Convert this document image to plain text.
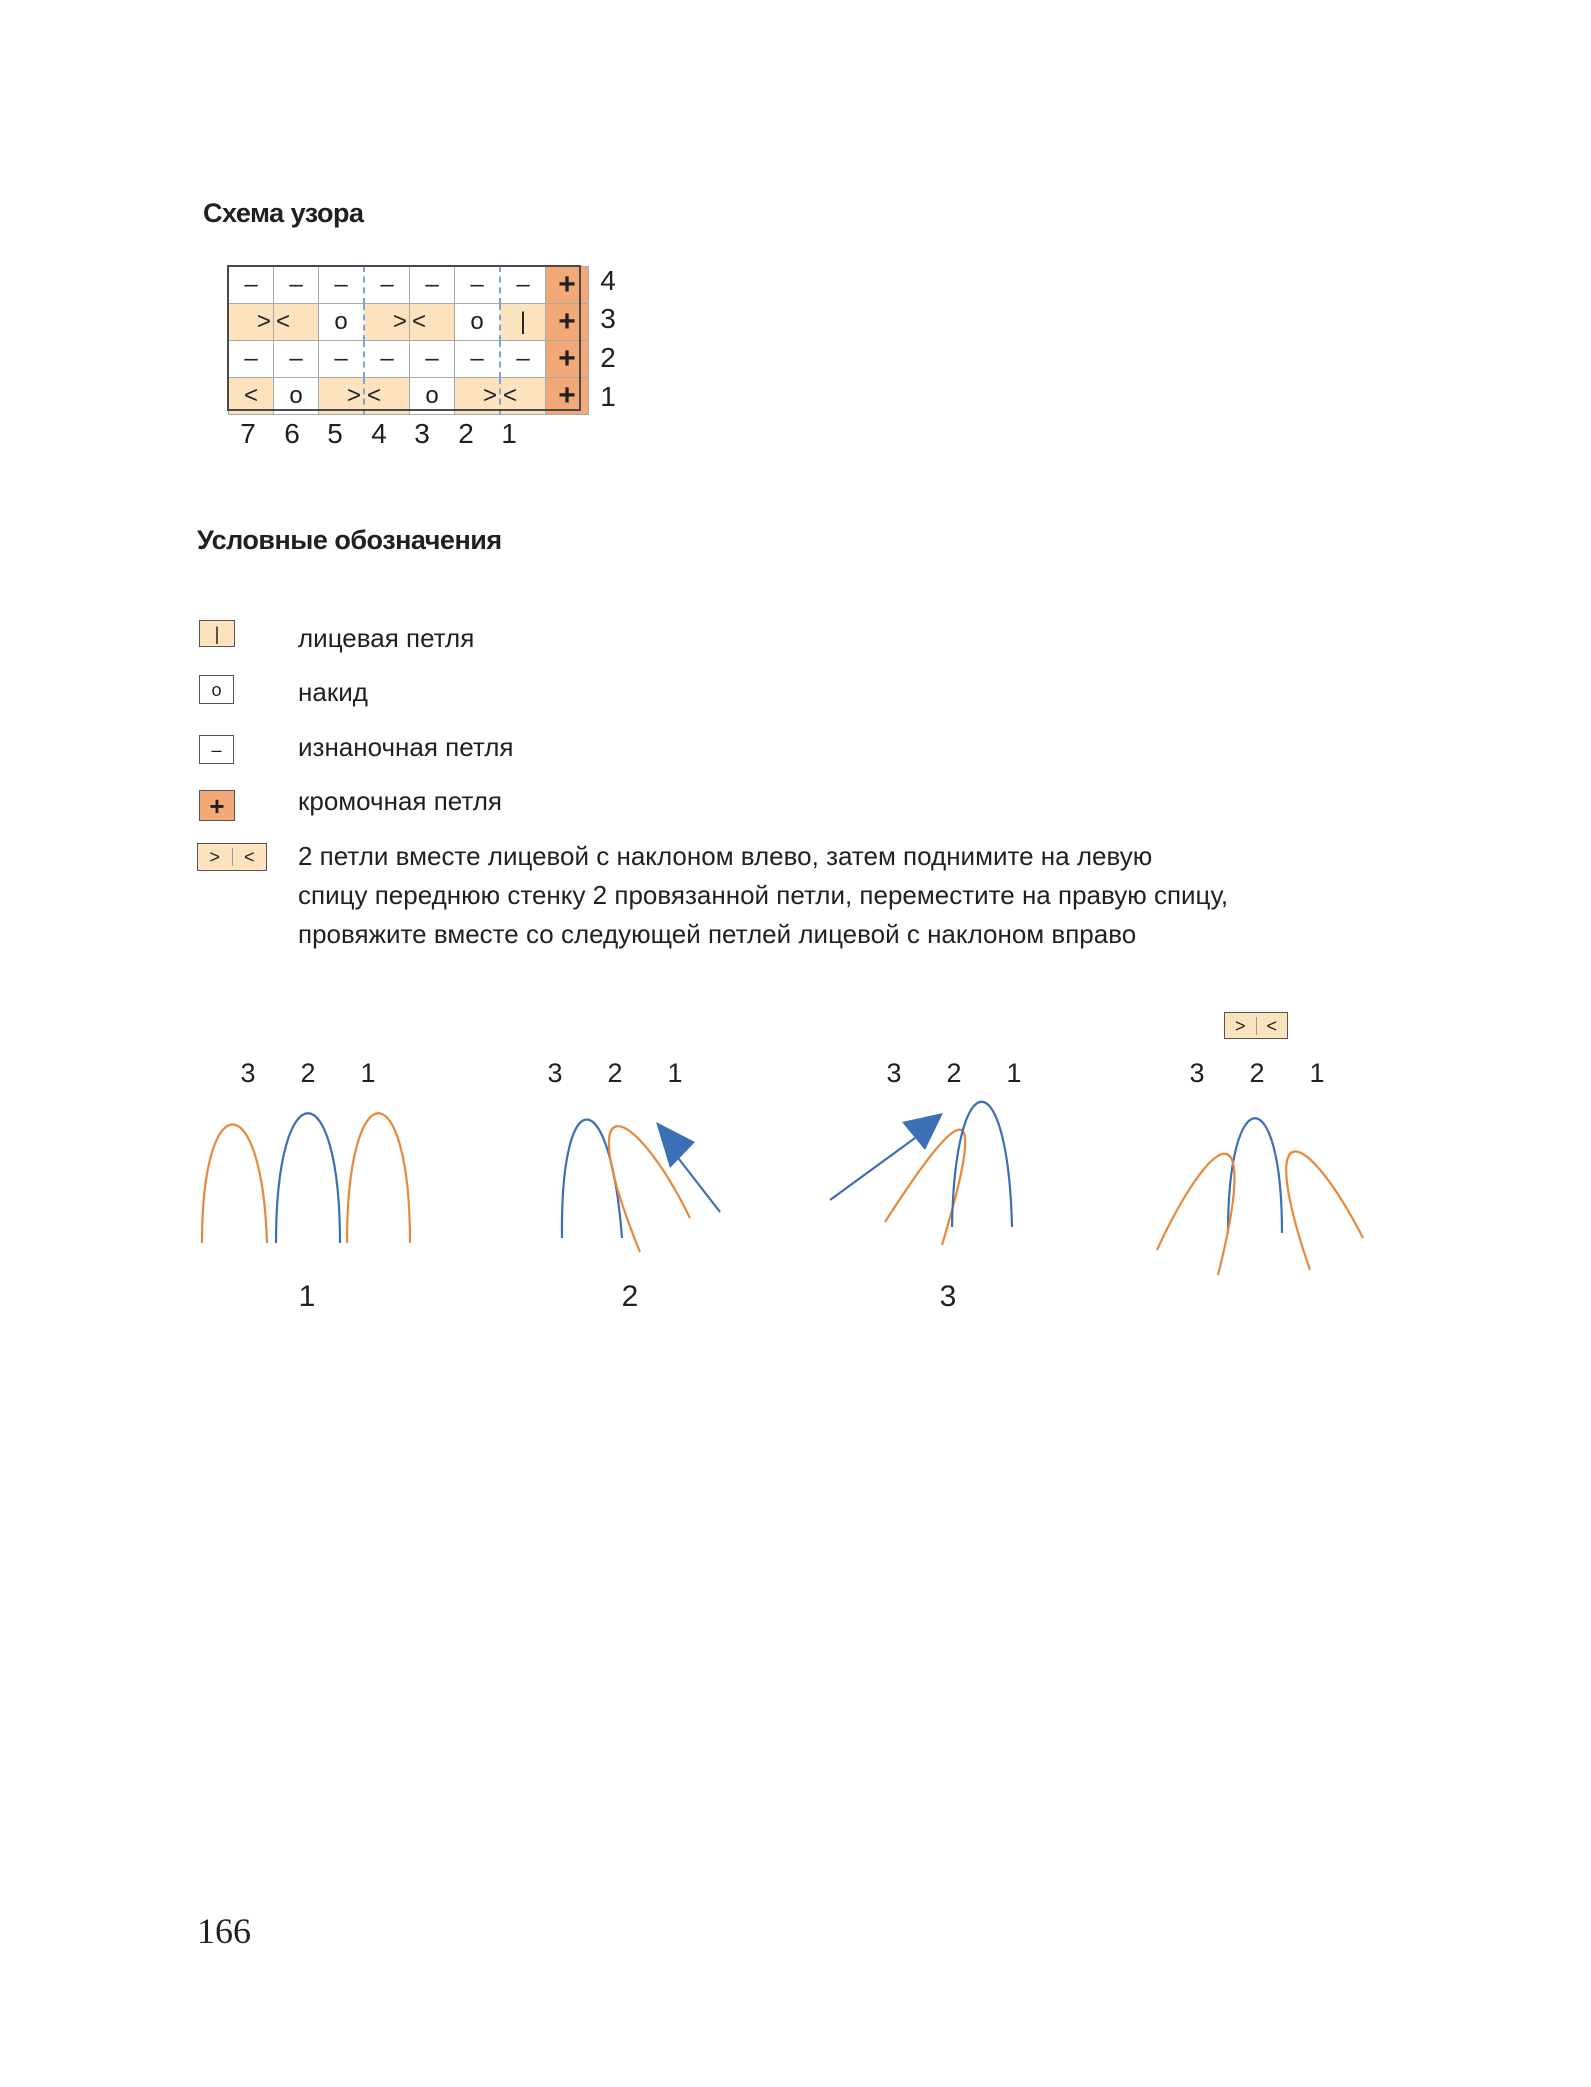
Схема узора
–	–	–	–	–	–	–	+
>	<	o	>	<	o	|	+
–	–	–	–	–	–	–	+
<	o	>	<	o	>	<	+
4
3
2
1
7 6 5 4 3 2 1
Условные обозначения
|	лицевая петля

o	накид

–	изнаночная петля

+	кромочная петля

>	<	2 петли вместе лицевой с наклоном влево, затем поднимите на левую

спицу переднюю стенку 2 провязанной петли, переместите на правую спицу,

провяжите вместе со следующей петлей лицевой с наклоном вправо

>	<
3 2 1	3 2 1	3 2 1	3 2 1
1	2	3
166
